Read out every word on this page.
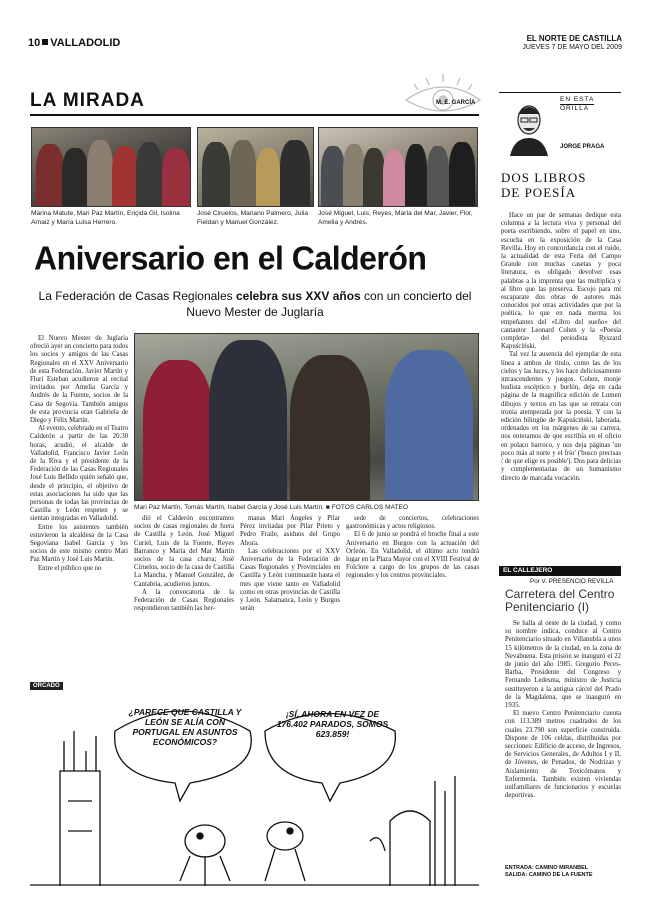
10 VALLADOLID	EL NORTE DE CASTILLA
JUEVES 7 DE MAYO DEL 2009
LA MIRADA	M. E. GARCÍA
Marina Matute, Mari Paz Martín, Eriçida Gil, Isolina Arnaiz y María Luisa Herrero.
José Ciruelos, Mariano Palmero, Julia Fieldan y Manuel González.
José Miguel, Luis, Reyes, María del Mar, Javier, Flor, Amelia y Andrés.
Aniversario en el Calderón
La Federación de Casas Regionales celebra sus XXV años con un concierto del Nuevo Mester de Juglaría
Mari Paz Martín, Tomás Martín, Isabel García y José Luis Martín. ■ FOTOS CARLOS MATEO

El Nuevo Mester de Juglaría ofreció ayer un concierto para todos los socios y amigos de las Casas Regionales en el XXV Aniversario de esta Federación. Javier Martín y Fluri Esteban acudieron al recital invitados por Amelia García y Andrés de la Fuente, socios de la Casa de Segovia. También amigos de esta provincia eran Gabriela de Diego y Félix Martín.

Al evento, celebrado en el Teatro Calderón a partir de las 20.30 horas, acudió, el alcalde de Valladolid, Francisco Javier León de la Riva y el presidente de la Federación de las Casas Regionales José Luis Bellido quién señaló que, desde el principio, el objetivo de estas asociaciones ha sido que las personas de todas las provincias de Castilla y León respeten y se sientan integradas en Valladolid.

Entre los asistentes también estuvieron la alcaldesa de la Casa Segoviana Isabel García y los socios de este mismo centro Mari Paz Martín y José Luis Martín.

Entre el público que no

dió el Calderón encontramos socios de casas regionales de fuera de Castilla y León. José Miguel Curiel, Luis de la Fuente, Reyes Barranco y María del Mar Martín socios de la casa charra; José Ciruelos, socio de la casa de Castilla La Mancha, y Manuel González, de Cantabria, acudieron juntos.

A la convocatoria de la Federación de Casas Regionales respondieron también las her-

manas Mari Ángeles y Pilar Pérez invitadas por Pilar Prieto y Pedro Fraile, asiduos del Grupo Ahora.

Las celebraciones por el XXV Aniversario de la Federación de Casas Regionales y Provinciales en Castilla y León continuarán hasta el mes que viene tanto en Valladolid como en otras provincias de Castilla y León. Salamanca, León y Burgos serán

sede de conciertos, celebraciones gastronómicas y actos religiosos.

El 6 de junio se pondrá el broche final a este Aniversario en Burgos con la actuación del Orfeón. En Valladolid, el último acto tendrá lugar en la Plaza Mayor con el XVIII Festival de Folclore a cargo de los grupos de las casas regionales y los centros provinciales.

EN ESTA
ORILLA
JORGE PRAGA
DOS LIBROS
DE POESÍA

Hace un par de semanas dedique esta columna a la lectura viva y personal del poeta escribiendo, sobre el papel en uno, escucha en la exposición de la Casa Revilla. Hoy en concordancia con el ruido, la actualidad de esta Feria del Campo Grande con muchas casetas y poca literatura, es obligado devolver esas palabras a la imprenta que las multiplica y al libro que las preserva. Escojo para mí escaparate dos obras de autores más conocidos por otras actividades que por la poética, lo que en nada merma los empeñantes del «Libro del sueño» del cantautor Leonard Cohen y la «Poesía completa» del periodista Ryszard Kapuściński.

Tal vez la ausencia del ejemplar de esta línea a ambos de título, como las de los cielos y las luces, y los hace deliciosamente intrascendentes y juegos. Cohen, monje budista escéptico y burlón, deja en cada página de la magnífica edición de Lumen dibujos y textos en las que se retrata con ironía atemperada por la poesía. Y con la edición bilingüe de Kapuściński, laborada, ordenados en los márgenes de su carrera, nos enteramos de que escribía en el oficio en polaco barroco, y nos deja páginas 'un poco más al norte y el frío' ('busco precisas / de que elige es posible'). Dos para delicias y complementarias de un humanismo directo de marcada vocación.

EL CALLEJERO
Por V. PRESENCIO REVILLA
Carretera del Centro Penitenciario (I)

Se halla al oeste de la ciudad, y como su nombre indica, conduce al Centro Penitenciario situado en Villanubla a unos 15 kilómetros de la ciudad, en la zona de Nevabuena. Esta prisión se inauguró el 22 de junio del año 1985. Gregorio Peces-Barba, Presidente del Congreso y Fernando Ledesma, ministro de Justicia sustituyeron a la antigua cárcel del Prado de la Magdalena, que se inauguró en 1935.

El nuevo Centro Penitenciario cuenta con 113.389 metros cuadrados de los cuales 23.790 son superficie construida. Dispone de 106 celdas, distribuidas por secciones: Edificio de acceso, de Ingresos, de Servicios Generales, de Adultos I y II, de Jóvenes, de Penados, de Nodrizas y Aislamiento de Toxicómanos y Enfermería. También existen viviendas unifamiliares de funcionarios y escuelas deportivas.

ENTRADA: CAMINO MIRANBEL
SALIDA: CAMINO DE LA FUENTE
ORCADO
¿PARECE QUE CASTILLA Y LEÓN SE ALÍA CON PORTUGAL EN ASUNTOS ECONÓMICOS?
¡SÍ, AHORA EN VEZ DE 176.402 PARADOS, SOMOS 623.859!
